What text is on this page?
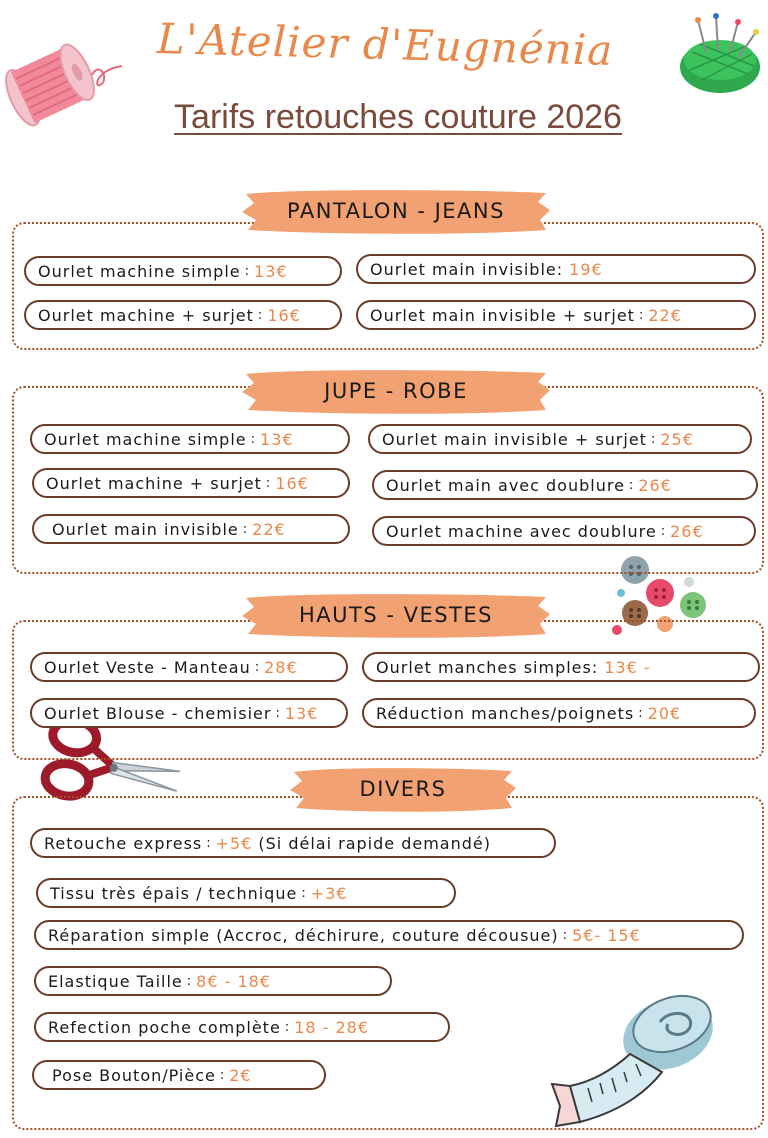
L'Atelier d'Eugnénia
Tarifs retouches couture 2026
PANTALON - JEANS
Ourlet machine simple : 13€	Ourlet main invisible: 19€
Ourlet machine + surjet : 16€	Ourlet main invisible + surjet : 22€
JUPE - ROBE
Ourlet machine simple : 13€	Ourlet main invisible + surjet : 25€
Ourlet machine + surjet : 16€	Ourlet main avec doublure : 26€
Ourlet main invisible : 22€	Ourlet machine avec doublure : 26€
HAUTS - VESTES
Ourlet Veste - Manteau : 28€	Ourlet manches simples: 13€ -
Ourlet Blouse - chemisier : 13€	Réduction manches/poignets : 20€
DIVERS
Retouche express : +5€ (Si délai rapide demandé)
Tissu très épais / technique : +3€
Réparation simple (Accroc, déchirure, couture décousue) : 5€- 15€
Elastique Taille : 8€ - 18€
Refection poche complète : 18 - 28€
Pose Bouton/Pièce : 2€
